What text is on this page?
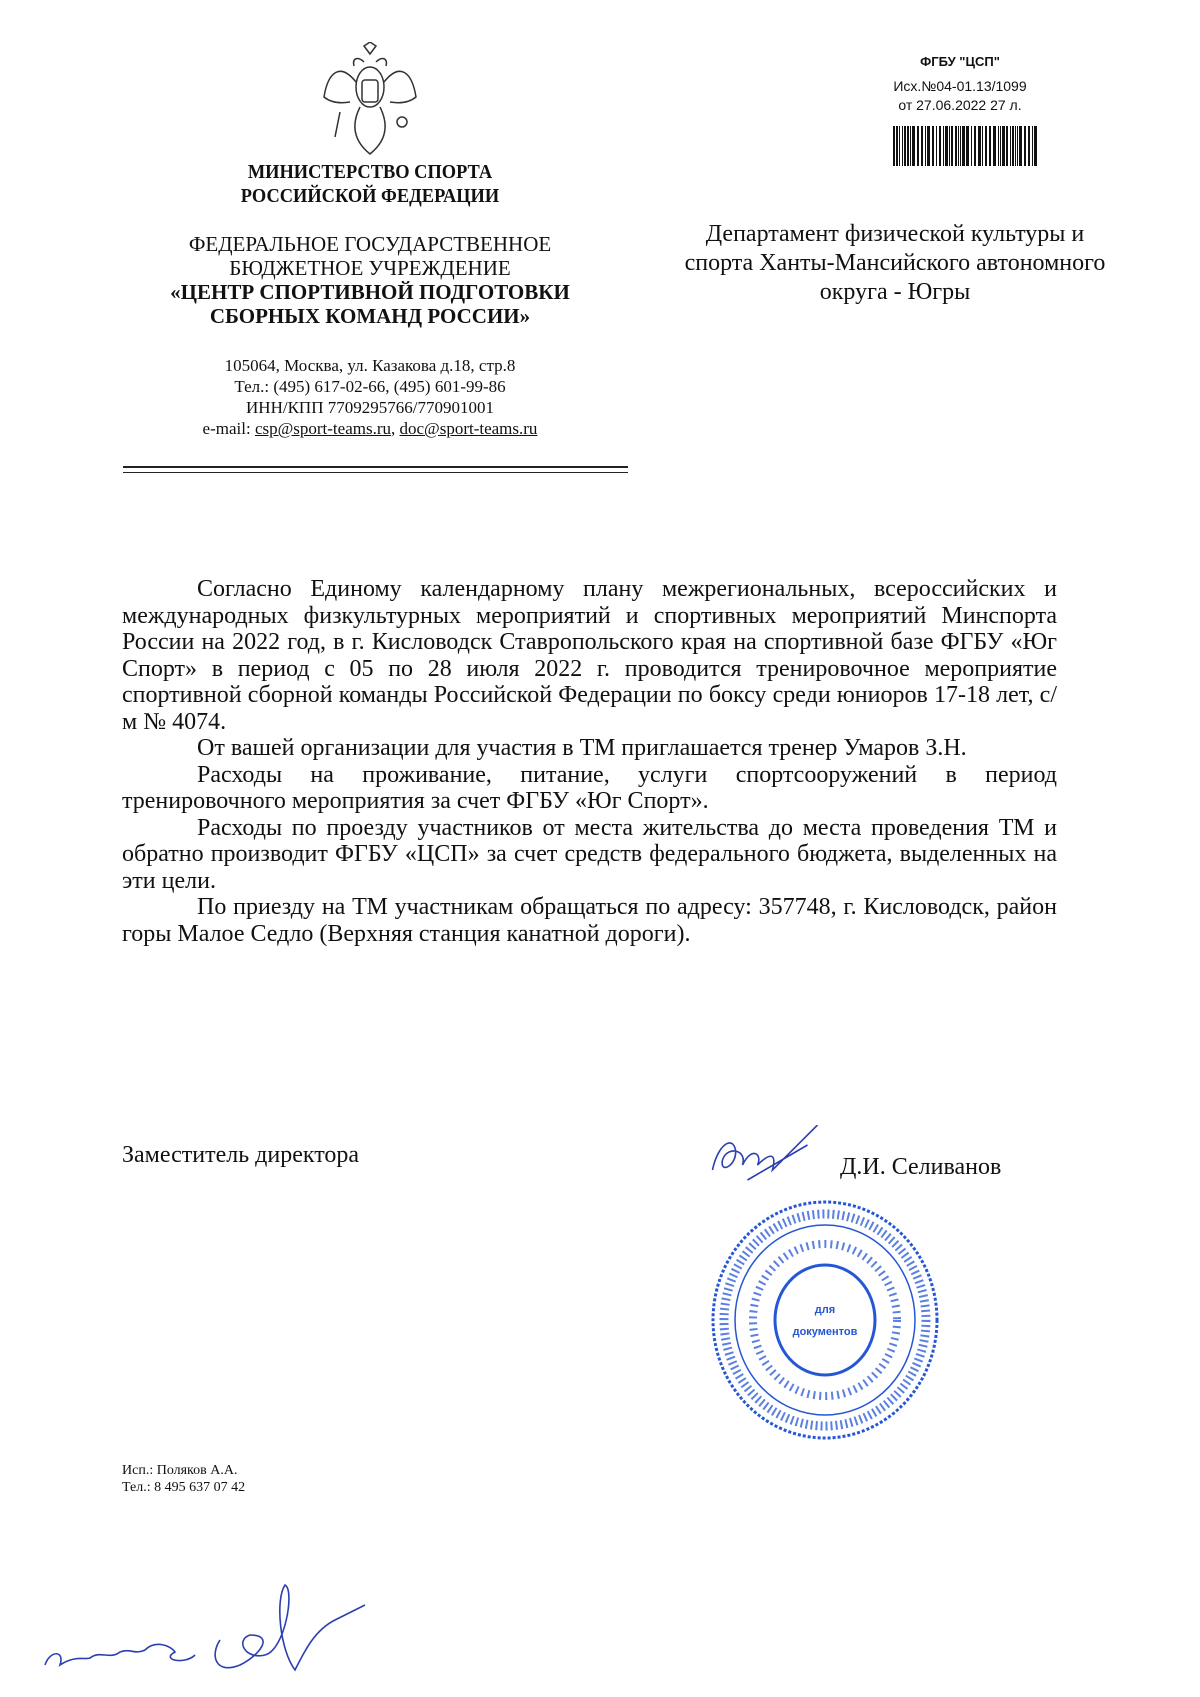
МИНИСТЕРСТВО СПОРТА
РОССИЙСКОЙ ФЕДЕРАЦИИ
ФЕДЕРАЛЬНОЕ ГОСУДАРСТВЕННОЕ
БЮДЖЕТНОЕ УЧРЕЖДЕНИЕ
«ЦЕНТР СПОРТИВНОЙ ПОДГОТОВКИ
СБОРНЫХ КОМАНД РОССИИ»
105064, Москва, ул. Казакова д.18, стр.8
Тел.: (495) 617-02-66, (495) 601-99-86
ИНН/КПП 7709295766/770901001
e-mail: csp@sport-teams.ru, doc@sport-teams.ru
ФГБУ "ЦСП"
Исх.№04-01.13/1099
от 27.06.2022 27 л.
Департамент физической культуры и
спорта Ханты-Мансийского автономного
округа - Югры

Согласно Единому календарному плану межрегиональных, всероссийских и международных физкультурных мероприятий и спортивных мероприятий Минспорта России на 2022 год, в г. Кисловодск Ставропольского края на спортивной базе ФГБУ «Юг Спорт» в период с 05 по 28 июля 2022 г. проводится тренировочное мероприятие спортивной сборной команды Российской Федерации по боксу среди юниоров 17-18 лет, с/м № 4074.

От вашей организации для участия в ТМ приглашается тренер Умаров З.Н.

Расходы на проживание, питание, услуги спортсооружений в период тренировочного мероприятия за счет ФГБУ «Юг Спорт».

Расходы по проезду участников от места жительства до места проведения ТМ и обратно производит ФГБУ «ЦСП» за счет средств федерального бюджета, выделенных на эти цели.

По приезду на ТМ участникам обращаться по адресу: 357748, г. Кисловодск, район горы Малое Седло (Верхняя станция канатной дороги).

Заместитель директора
для
документов
Д.И. Селиванов
Исп.: Поляков А.А.
Тел.: 8 495 637 07 42
